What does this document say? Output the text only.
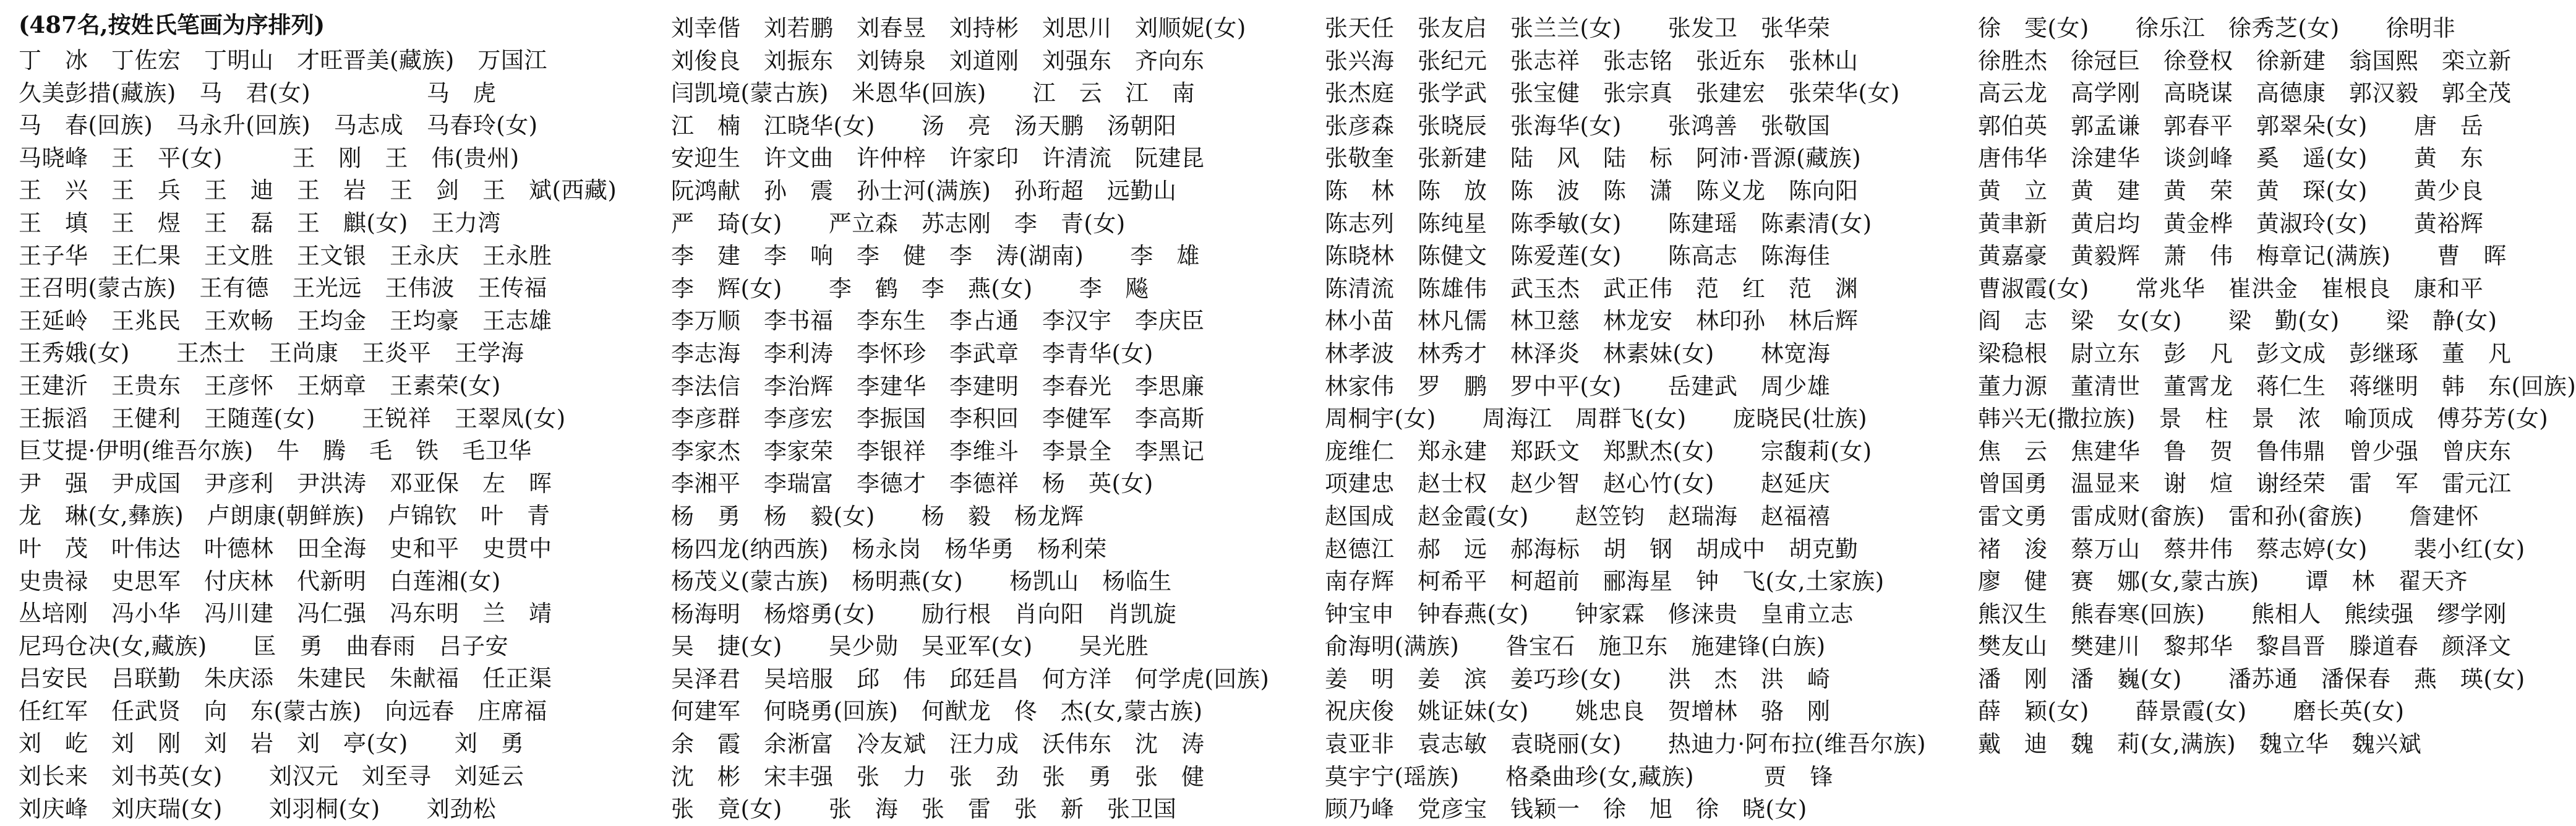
(487名,按姓氏笔画为序排列)
丁　冰　丁佐宏　丁明山　才旺晋美(藏族)　万国江
久美彭措(藏族)　马　君(女)　　　　　马　虎
马　春(回族)　马永升(回族)　马志成　马春玲(女)
马晓峰　王　平(女)　　　王　刚　王　伟(贵州)
王　兴　王　兵　王　迪　王　岩　王　剑　王　斌(西藏)
王　填　王　煜　王　磊　王　麒(女)　王力湾
王子华　王仁果　王文胜　王文银　王永庆　王永胜
王召明(蒙古族)　王有德　王光远　王伟波　王传福
王延岭　王兆民　王欢畅　王均金　王均豪　王志雄
王秀娥(女)　　王杰士　王尚康　王炎平　王学海
王建沂　王贵东　王彦怀　王炳章　王素荣(女)
王振滔　王健利　王随莲(女)　　王锐祥　王翠凤(女)
巨艾提·伊明(维吾尔族)　牛　腾　毛　铁　毛卫华
尹　强　尹成国　尹彦利　尹洪涛　邓亚保　左　晖
龙　琳(女,彝族)　卢朗康(朝鲜族)　卢锦钦　叶　青
叶　茂　叶伟达　叶德林　田全海　史和平　史贯中
史贵禄　史思军　付庆林　代新明　白莲湘(女)
丛培刚　冯小华　冯川建　冯仁强　冯东明　兰　靖
尼玛仓决(女,藏族)　　匡　勇　曲春雨　吕子安
吕安民　吕联勤　朱庆添　朱建民　朱献福　任正渠
任红军　任武贤　向　东(蒙古族)　向远春　庄席福
刘　屹　刘　刚　刘　岩　刘　亭(女)　　刘　勇
刘长来　刘书英(女)　　刘汉元　刘至寻　刘延云
刘庆峰　刘庆瑞(女)　　刘羽桐(女)　　刘劲松
刘幸偕　刘若鹏　刘春昱　刘持彬　刘思川　刘顺妮(女)
刘俊良　刘振东　刘铸泉　刘道刚　刘强东　齐向东
闫凯境(蒙古族)　米恩华(回族)　　江　云　江　南
江　楠　江晓华(女)　　汤　亮　汤天鹏　汤朝阳
安迎生　许文曲　许仲梓　许家印　许清流　阮建昆
阮鸿献　孙　震　孙士河(满族)　孙珩超　远勤山
严　琦(女)　　严立森　苏志刚　李　青(女)
李　建　李　响　李　健　李　涛(湖南)　　李　雄
李　辉(女)　　李　鹤　李　燕(女)　　李　飚
李万顺　李书福　李东生　李占通　李汉宇　李庆臣
李志海　李利涛　李怀珍　李武章　李青华(女)
李法信　李治辉　李建华　李建明　李春光　李思廉
李彦群　李彦宏　李振国　李积回　李健军　李高斯
李家杰　李家荣　李银祥　李维斗　李景全　李黑记
李湘平　李瑞富　李德才　李德祥　杨　英(女)
杨　勇　杨　毅(女)　　杨　毅　杨龙辉
杨四龙(纳西族)　杨永岗　杨华勇　杨利荣
杨茂义(蒙古族)　杨明燕(女)　　杨凯山　杨临生
杨海明　杨熔勇(女)　　励行根　肖向阳　肖凯旋
吴　捷(女)　　吴少勋　吴亚军(女)　　吴光胜
吴泽君　吴培服　邱　伟　邱廷昌　何方洋　何学虎(回族)
何建军　何晓勇(回族)　何猷龙　佟　杰(女,蒙古族)
余　霞　余淅富　冷友斌　汪力成　沃伟东　沈　涛
沈　彬　宋丰强　张　力　张　劲　张　勇　张　健
张　竟(女)　　张　海　张　雷　张　新　张卫国
张天任　张友启　张兰兰(女)　　张发卫　张华荣
张兴海　张纪元　张志祥　张志铭　张近东　张林山
张杰庭　张学武　张宝健　张宗真　张建宏　张荣华(女)
张彦森　张晓辰　张海华(女)　　张鸿善　张敬国
张敬奎　张新建　陆　风　陆　标　阿沛·晋源(藏族)
陈　林　陈　放　陈　波　陈　潇　陈义龙　陈向阳
陈志列　陈纯星　陈季敏(女)　　陈建瑶　陈素清(女)
陈晓林　陈健文　陈爱莲(女)　　陈高志　陈海佳
陈清流　陈雄伟　武玉杰　武正伟　范　红　范　渊
林小苗　林凡儒　林卫慈　林龙安　林印孙　林后辉
林孝波　林秀才　林泽炎　林素妹(女)　　林宽海
林家伟　罗　鹏　罗中平(女)　　岳建武　周少雄
周桐宇(女)　　周海江　周群飞(女)　　庞晓民(壮族)
庞维仁　郑永建　郑跃文　郑默杰(女)　　宗馥莉(女)
项建忠　赵士权　赵少智　赵心竹(女)　　赵延庆
赵国成　赵金霞(女)　　赵笠钧　赵瑞海　赵福禧
赵德江　郝　远　郝海标　胡　钢　胡成中　胡克勤
南存辉　柯希平　柯超前　郦海星　钟　飞(女,土家族)
钟宝申　钟春燕(女)　　钟家霖　修涞贵　皇甫立志
俞海明(满族)　　昝宝石　施卫东　施建锋(白族)
姜　明　姜　滨　姜巧珍(女)　　洪　杰　洪　崎
祝庆俊　姚证妹(女)　　姚忠良　贺增林　骆　刚
袁亚非　袁志敏　袁晓丽(女)　　热迪力·阿布拉(维吾尔族)
莫宇宁(瑶族)　　格桑曲珍(女,藏族)　　　贾　锋
顾乃峰　党彦宝　钱颖一　徐　旭　徐　晓(女)
徐　雯(女)　　徐乐江　徐秀芝(女)　　徐明非
徐胜杰　徐冠巨　徐登权　徐新建　翁国熙　栾立新
高云龙　高学刚　高晓谋　高德康　郭汉毅　郭全茂
郭伯英　郭孟谦　郭春平　郭翠朵(女)　　唐　岳
唐伟华　涂建华　谈剑峰　奚　遥(女)　　黄　东
黄　立　黄　建　黄　荣　黄　琛(女)　　黄少良
黄聿新　黄启均　黄金桦　黄淑玲(女)　　黄裕辉
黄嘉豪　黄毅辉　萧　伟　梅章记(满族)　　曹　晖
曹淑霞(女)　　常兆华　崔洪金　崔根良　康和平
阎　志　梁　女(女)　　梁　勤(女)　　梁　静(女)
梁稳根　尉立东　彭　凡　彭文成　彭继琢　董　凡
董力源　董清世　董霄龙　蒋仁生　蒋继明　韩　东(回族)
韩兴无(撒拉族)　景　柱　景　浓　喻顶成　傅芬芳(女)
焦　云　焦建华　鲁　贺　鲁伟鼎　曾少强　曾庆东
曾国勇　温显来　谢　煊　谢经荣　雷　军　雷元江
雷文勇　雷成财(畲族)　雷和孙(畲族)　　詹建怀
褚　浚　蔡万山　蔡井伟　蔡志婷(女)　　裴小红(女)
廖　健　赛　娜(女,蒙古族)　　谭　林　翟天齐
熊汉生　熊春寒(回族)　　熊相人　熊续强　缪学刚
樊友山　樊建川　黎邦华　黎昌晋　滕道春　颜泽文
潘　刚　潘　巍(女)　　潘苏通　潘保春　燕　瑛(女)
薛　颖(女)　　薛景霞(女)　　磨长英(女)
戴　迪　魏　莉(女,满族)　魏立华　魏兴斌
